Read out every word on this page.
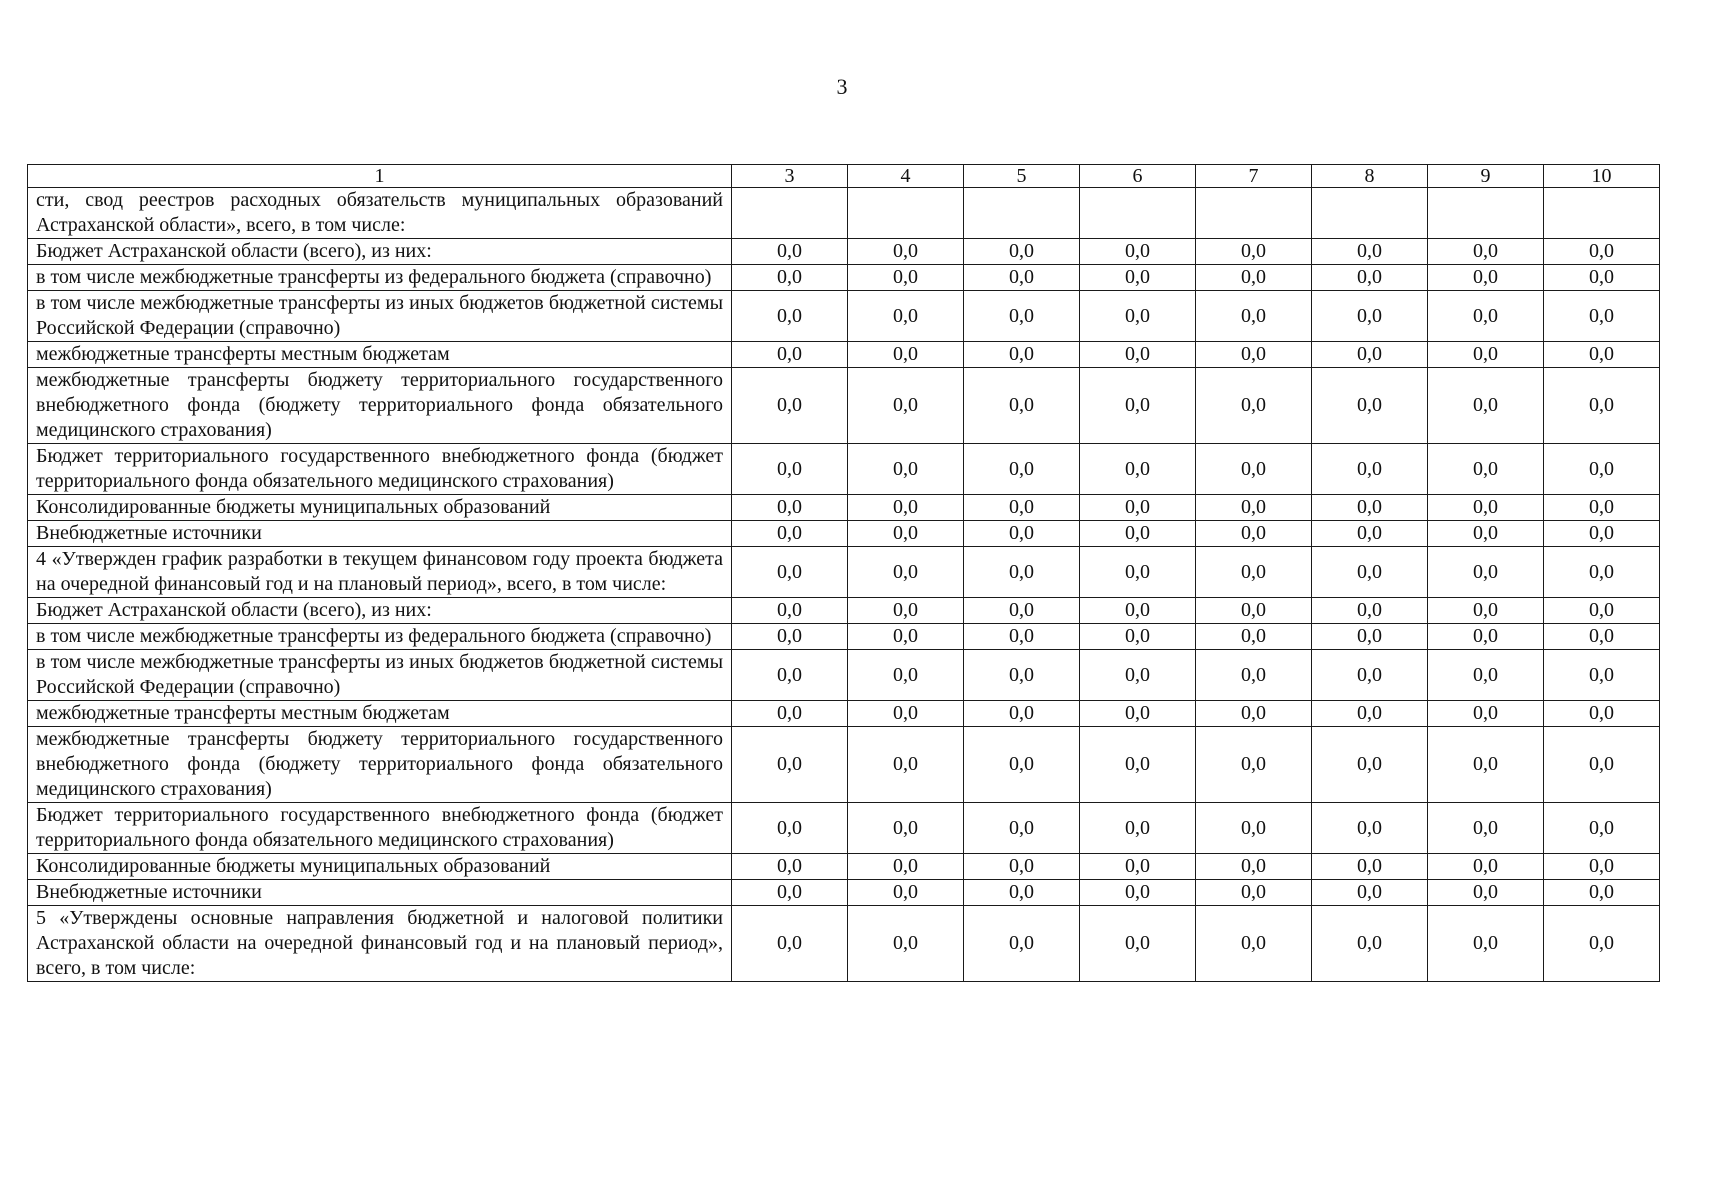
3
1	3	4	5	6	7	8	9	10
сти, свод реестров расходных обязательств муниципальных образований Астраханской области», всего, в том числе:								
Бюджет Астраханской области (всего), из них:	0,0	0,0	0,0	0,0	0,0	0,0	0,0	0,0
в том числе межбюджетные трансферты из федерального бюджета (справочно)	0,0	0,0	0,0	0,0	0,0	0,0	0,0	0,0
в том числе межбюджетные трансферты из иных бюджетов бюджетной системы Российской Федерации (справочно)	0,0	0,0	0,0	0,0	0,0	0,0	0,0	0,0
межбюджетные трансферты местным бюджетам	0,0	0,0	0,0	0,0	0,0	0,0	0,0	0,0
межбюджетные трансферты бюджету территориального государственного внебюджетного фонда (бюджету территориального фонда обязательного медицинского страхования)	0,0	0,0	0,0	0,0	0,0	0,0	0,0	0,0
Бюджет территориального государственного внебюджетного фонда (бюджет территориального фонда обязательного медицинского страхования)	0,0	0,0	0,0	0,0	0,0	0,0	0,0	0,0
Консолидированные бюджеты муниципальных образований	0,0	0,0	0,0	0,0	0,0	0,0	0,0	0,0
Внебюджетные источники	0,0	0,0	0,0	0,0	0,0	0,0	0,0	0,0
4 «Утвержден график разработки в текущем финансовом году проекта бюджета на очередной финансовый год и на плановый период», всего, в том числе:	0,0	0,0	0,0	0,0	0,0	0,0	0,0	0,0
Бюджет Астраханской области (всего), из них:	0,0	0,0	0,0	0,0	0,0	0,0	0,0	0,0
в том числе межбюджетные трансферты из федерального бюджета (справочно)	0,0	0,0	0,0	0,0	0,0	0,0	0,0	0,0
в том числе межбюджетные трансферты из иных бюджетов бюджетной системы Российской Федерации (справочно)	0,0	0,0	0,0	0,0	0,0	0,0	0,0	0,0
межбюджетные трансферты местным бюджетам	0,0	0,0	0,0	0,0	0,0	0,0	0,0	0,0
межбюджетные трансферты бюджету территориального государственного внебюджетного фонда (бюджету территориального фонда обязательного медицинского страхования)	0,0	0,0	0,0	0,0	0,0	0,0	0,0	0,0
Бюджет территориального государственного внебюджетного фонда (бюджет территориального фонда обязательного медицинского страхования)	0,0	0,0	0,0	0,0	0,0	0,0	0,0	0,0
Консолидированные бюджеты муниципальных образований	0,0	0,0	0,0	0,0	0,0	0,0	0,0	0,0
Внебюджетные источники	0,0	0,0	0,0	0,0	0,0	0,0	0,0	0,0
5 «Утверждены основные направления бюджетной и налоговой политики Астраханской области на очередной финансовый год и на плановый период», всего, в том числе:	0,0	0,0	0,0	0,0	0,0	0,0	0,0	0,0
